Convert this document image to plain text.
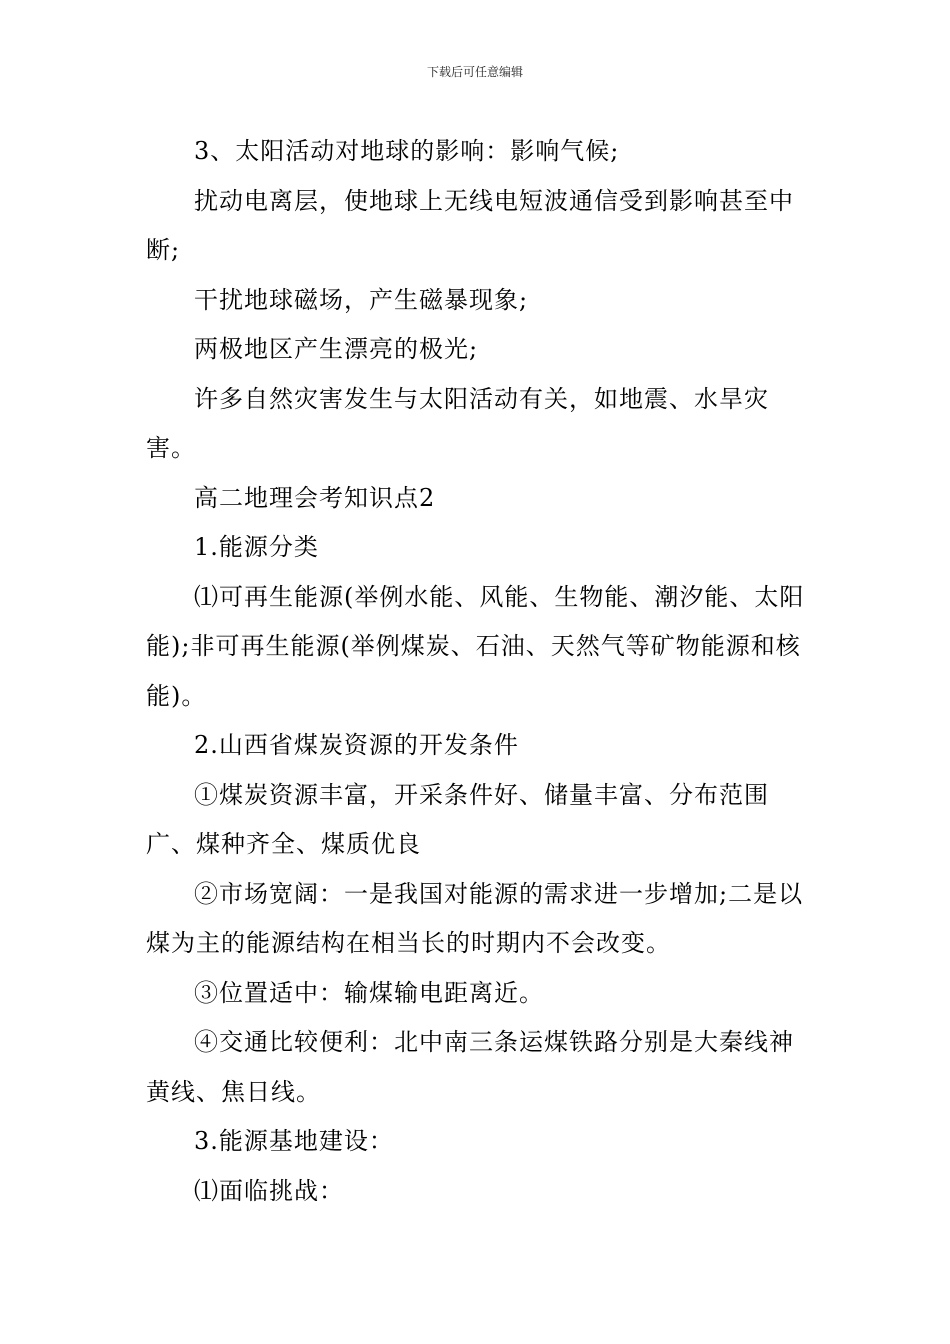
下载后可任意编辑

3、太阳活动对地球的影响：影响气候;

扰动电离层，使地球上无线电短波通信受到影响甚至中断;

干扰地球磁场，产生磁暴现象;

两极地区产生漂亮的极光;

许多自然灾害发生与太阳活动有关，如地震、水旱灾害。

高二地理会考知识点2

1.能源分类

⑴可再生能源(举例水能、风能、生物能、潮汐能、太阳能);非可再生能源(举例煤炭、石油、天然气等矿物能源和核能)。

2.山西省煤炭资源的开发条件

①煤炭资源丰富，开采条件好、储量丰富、分布范围广、煤种齐全、煤质优良

②市场宽阔：一是我国对能源的需求进一步增加;二是以煤为主的能源结构在相当长的时期内不会改变。

③位置适中：输煤输电距离近。

④交通比较便利：北中南三条运煤铁路分别是大秦线神黄线、焦日线。

3.能源基地建设：

⑴面临挑战：
